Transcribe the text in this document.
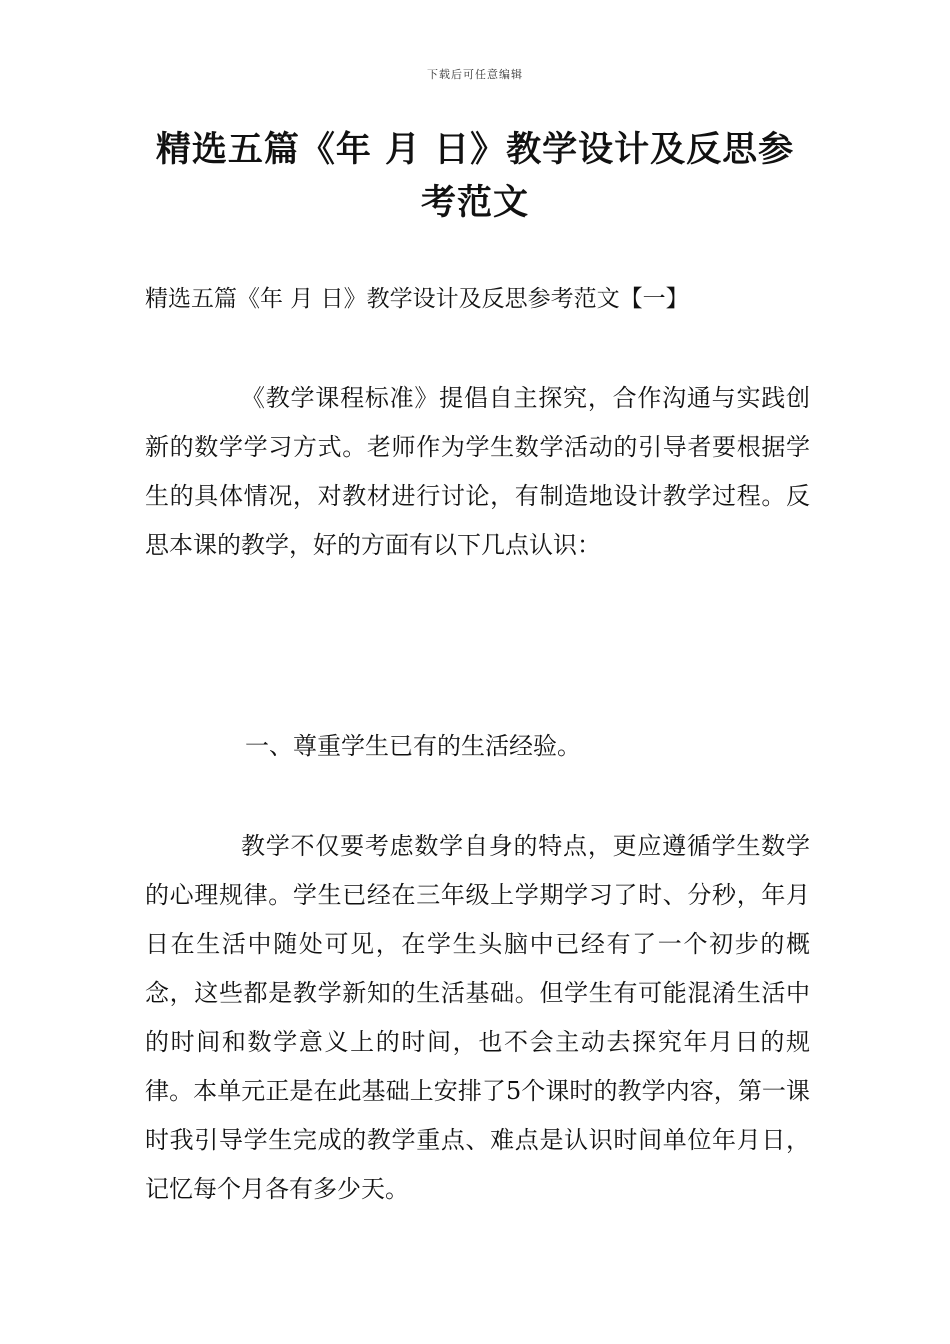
下载后可任意编辑
精选五篇《年 月 日》教学设计及反思参考范文
精选五篇《年 月 日》教学设计及反思参考范文【一】

《教学课程标准》提倡自主探究，合作沟通与实践创新的数学学习方式。老师作为学生数学活动的引导者要根据学生的具体情况，对教材进行讨论，有制造地设计教学过程。反思本课的教学，好的方面有以下几点认识：

一、尊重学生已有的生活经验。

教学不仅要考虑数学自身的特点，更应遵循学生数学的心理规律。学生已经在三年级上学期学习了时、分秒，年月日在生活中随处可见，在学生头脑中已经有了一个初步的概念，这些都是教学新知的生活基础。但学生有可能混淆生活中的时间和数学意义上的时间，也不会主动去探究年月日的规律。本单元正是在此基础上安排了5个课时的教学内容，第一课时我引导学生完成的教学重点、难点是认识时间单位年月日，记忆每个月各有多少天。
